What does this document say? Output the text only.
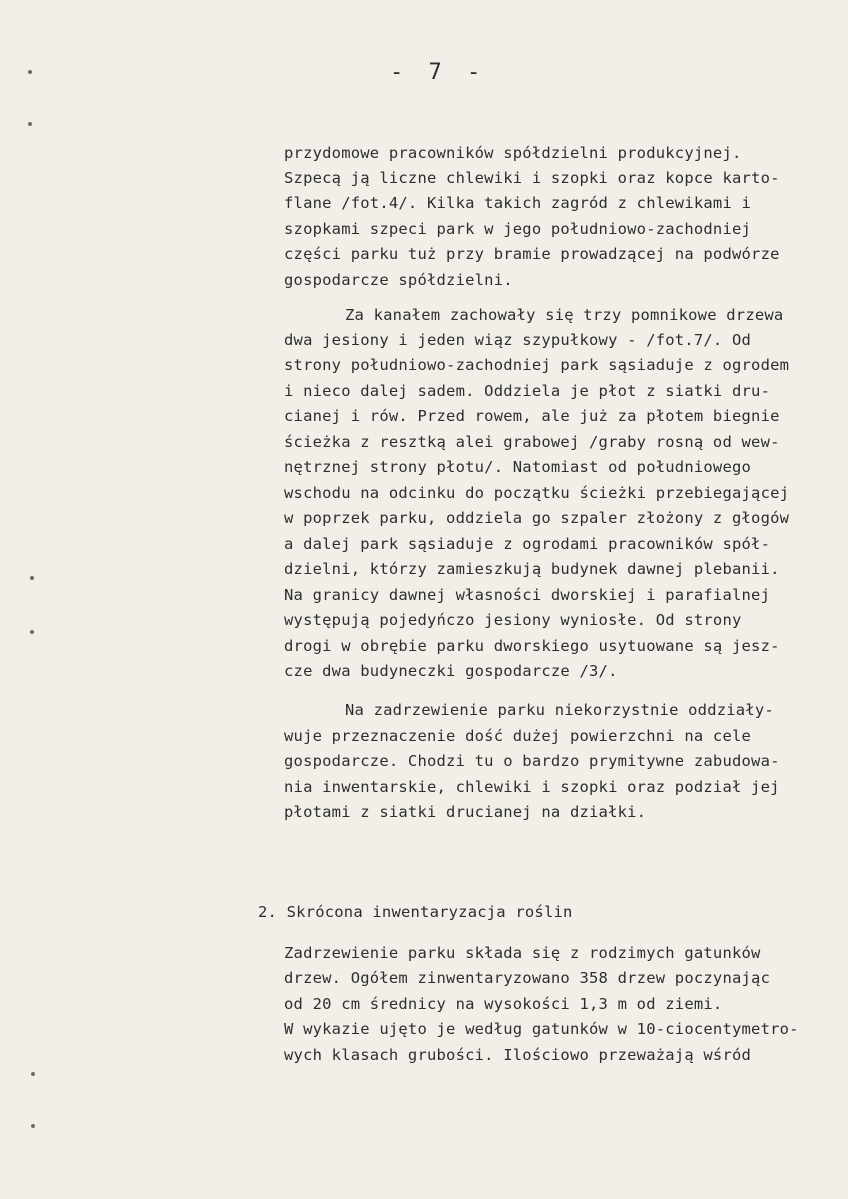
- 7 -
przydomowe pracowników spółdzielni produkcyjnej.
Szpecą ją liczne chlewiki i szopki oraz kopce karto-
flane /fot.4/. Kilka takich zagród z chlewikami i
szopkami szpeci park w jego południowo-zachodniej
części parku tuż przy bramie prowadzącej na podwórze
gospodarcze spółdzielni.
Za kanałem zachowały się trzy pomnikowe drzewa
dwa jesiony i jeden wiąz szypułkowy - /fot.7/. Od
strony południowo-zachodniej park sąsiaduje z ogrodem
i nieco dalej sadem. Oddziela je płot z siatki dru-
cianej i rów. Przed rowem, ale już za płotem biegnie
ścieżka z resztką alei grabowej /graby rosną od wew-
nętrznej strony płotu/. Natomiast od południowego
wschodu na odcinku do początku ścieżki przebiegającej
w poprzek parku, oddziela go szpaler złożony z głogów
a dalej park sąsiaduje z ogrodami pracowników spół-
dzielni, którzy zamieszkują budynek dawnej plebanii.
Na granicy dawnej własności dworskiej i parafialnej
występują pojedyńczo jesiony wyniosłe. Od strony
drogi w obrębie parku dworskiego usytuowane są jesz-
cze dwa budyneczki gospodarcze /3/.
Na zadrzewienie parku niekorzystnie oddziały-
wuje przeznaczenie dość dużej powierzchni na cele
gospodarcze. Chodzi tu o bardzo prymitywne zabudowa-
nia inwentarskie, chlewiki i szopki oraz podział jej
płotami z siatki drucianej na działki.
2. Skrócona inwentaryzacja roślin
Zadrzewienie parku składa się z rodzimych gatunków
drzew. Ogółem zinwentaryzowano 358 drzew poczynając
od 20 cm średnicy na wysokości 1,3 m od ziemi.
W wykazie ujęto je według gatunków w 10-ciocentymetro-
wych klasach grubości. Ilościowo przeważają wśród
